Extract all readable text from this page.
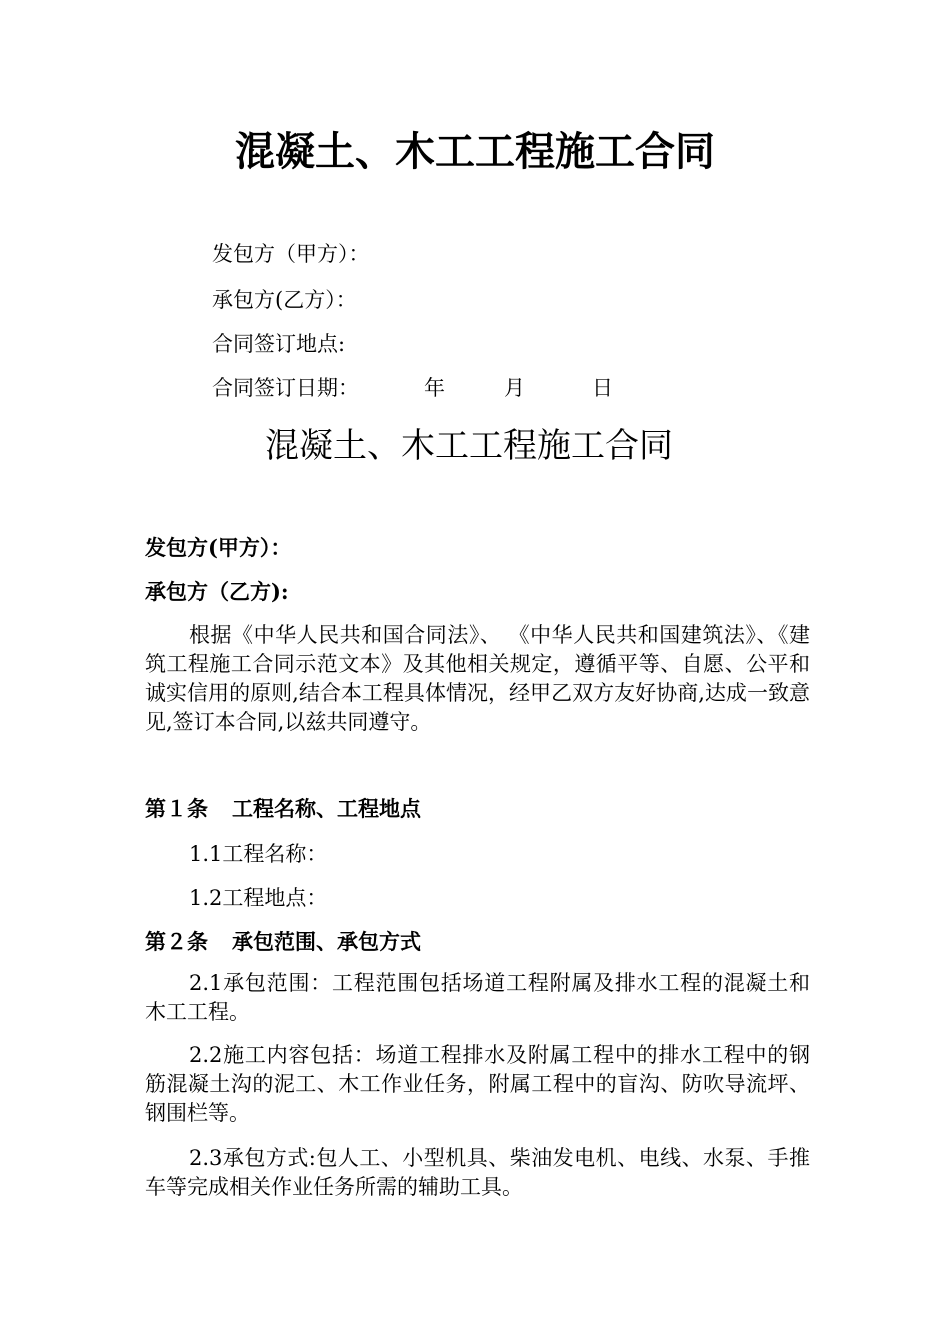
混凝土、木工工程施工合同
发包方（甲方）：
承包方(乙方）：
合同签订地点:
合同签订日期：	年	月	日
混凝土、木工工程施工合同
发包方(甲方）：
承包方（乙方):
根据《中华人民共和国合同法》、 《中华人民共和国建筑法》、《建筑工程施工合同示范文本》及其他相关规定，遵循平等、自愿、公平和诚实信用的原则,结合本工程具体情况，经甲乙双方友好协商,达成一致意见,签订本合同,以兹共同遵守。
第１条 工程名称、工程地点
1.1工程名称：
1.2工程地点：
第２条 承包范围、承包方式
2.1承包范围：工程范围包括场道工程附属及排水工程的混凝土和木工工程。
2.2施工内容包括：场道工程排水及附属工程中的排水工程中的钢筋混凝土沟的泥工、木工作业任务，附属工程中的盲沟、防吹导流坪、钢围栏等。
2.3承包方式:包人工、小型机具、柴油发电机、电线、水泵、手推车等完成相关作业任务所需的辅助工具。
